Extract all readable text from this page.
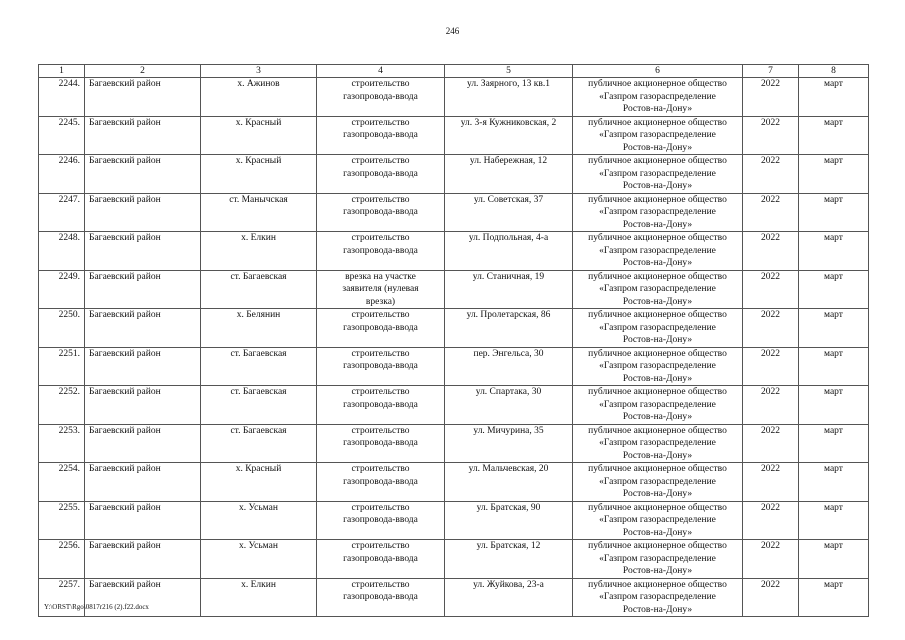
246
1	2	3	4	5	6	7	8
2244.	Багаевский район	х. Ажинов	строительство
газопровода-ввода	ул. Заярного, 13 кв.1	публичное акционерное общество
«Газпром газораспределение
Ростов-на-Дону»	2022	март
2245.	Багаевский район	х. Красный	строительство
газопровода-ввода	ул. 3-я Кужниковская, 2	публичное акционерное общество
«Газпром газораспределение
Ростов-на-Дону»	2022	март
2246.	Багаевский район	х. Красный	строительство
газопровода-ввода	ул. Набережная, 12	публичное акционерное общество
«Газпром газораспределение
Ростов-на-Дону»	2022	март
2247.	Багаевский район	ст. Манычская	строительство
газопровода-ввода	ул. Советская, 37	публичное акционерное общество
«Газпром газораспределение
Ростов-на-Дону»	2022	март
2248.	Багаевский район	х. Елкин	строительство
газопровода-ввода	ул. Подпольная, 4-а	публичное акционерное общество
«Газпром газораспределение
Ростов-на-Дону»	2022	март
2249.	Багаевский район	ст. Багаевская	врезка на участке
заявителя (нулевая
врезка)	ул. Станичная, 19	публичное акционерное общество
«Газпром газораспределение
Ростов-на-Дону»	2022	март
2250.	Багаевский район	х. Белянин	строительство
газопровода-ввода	ул. Пролетарская, 86	публичное акционерное общество
«Газпром газораспределение
Ростов-на-Дону»	2022	март
2251.	Багаевский район	ст. Багаевская	строительство
газопровода-ввода	пер. Энгельса, 30	публичное акционерное общество
«Газпром газораспределение
Ростов-на-Дону»	2022	март
2252.	Багаевский район	ст. Багаевская	строительство
газопровода-ввода	ул. Спартака, 30	публичное акционерное общество
«Газпром газораспределение
Ростов-на-Дону»	2022	март
2253.	Багаевский район	ст. Багаевская	строительство
газопровода-ввода	ул. Мичурина, 35	публичное акционерное общество
«Газпром газораспределение
Ростов-на-Дону»	2022	март
2254.	Багаевский район	х. Красный	строительство
газопровода-ввода	ул. Мальчевская, 20	публичное акционерное общество
«Газпром газораспределение
Ростов-на-Дону»	2022	март
2255.	Багаевский район	х. Усьман	строительство
газопровода-ввода	ул. Братская, 90	публичное акционерное общество
«Газпром газораспределение
Ростов-на-Дону»	2022	март
2256.	Багаевский район	х. Усьман	строительство
газопровода-ввода	ул. Братская, 12	публичное акционерное общество
«Газпром газораспределение
Ростов-на-Дону»	2022	март
2257.	Багаевский район	х. Елкин	строительство
газопровода-ввода	ул. Жуйкова, 23-а	публичное акционерное общество
«Газпром газораспределение
Ростов-на-Дону»	2022	март
Y:\ORST\Rgo\0817r216 (2).f22.docx
